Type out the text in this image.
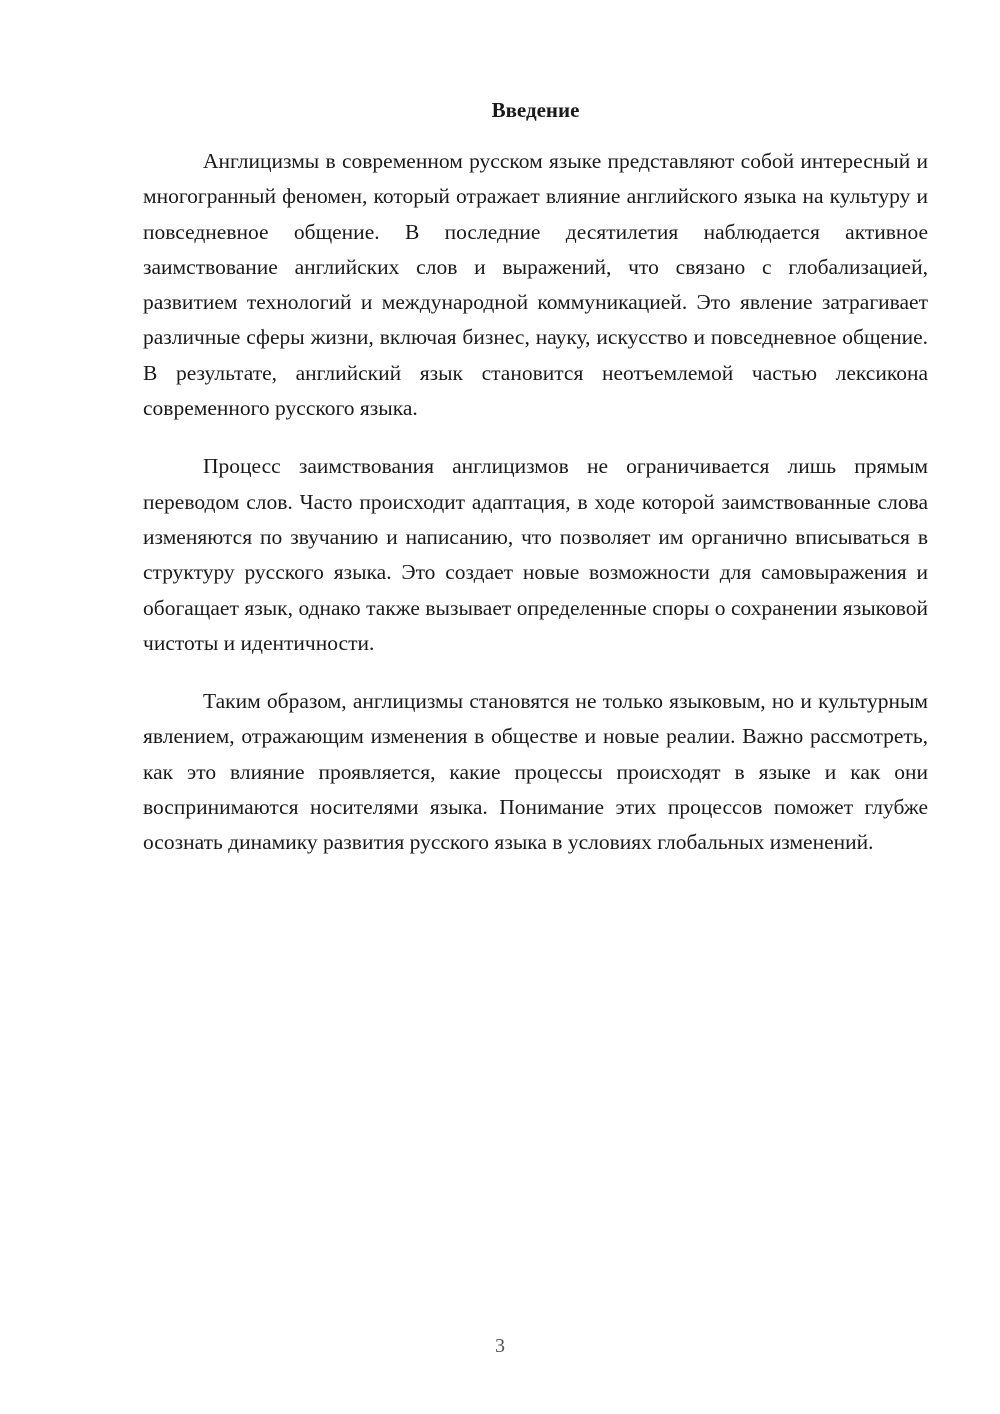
Введение

Англицизмы в современном русском языке представляют собой интересный и многогранный феномен, который отражает влияние английского языка на культуру и повседневное общение. В последние десятилетия наблюдается активное заимствование английских слов и выражений, что связано с глобализацией, развитием технологий и международной коммуникацией. Это явление затрагивает различные сферы жизни, включая бизнес, науку, искусство и повседневное общение. В результате, английский язык становится неотъемлемой частью лексикона современного русского языка.

Процесс заимствования англицизмов не ограничивается лишь прямым переводом слов. Часто происходит адаптация, в ходе которой заимствованные слова изменяются по звучанию и написанию, что позволяет им органично вписываться в структуру русского языка. Это создает новые возможности для самовыражения и обогащает язык, однако также вызывает определенные споры о сохранении языковой чистоты и идентичности.

Таким образом, англицизмы становятся не только языковым, но и культурным явлением, отражающим изменения в обществе и новые реалии. Важно рассмотреть, как это влияние проявляется, какие процессы происходят в языке и как они воспринимаются носителями языка. Понимание этих процессов поможет глубже осознать динамику развития русского языка в условиях глобальных изменений.

3
